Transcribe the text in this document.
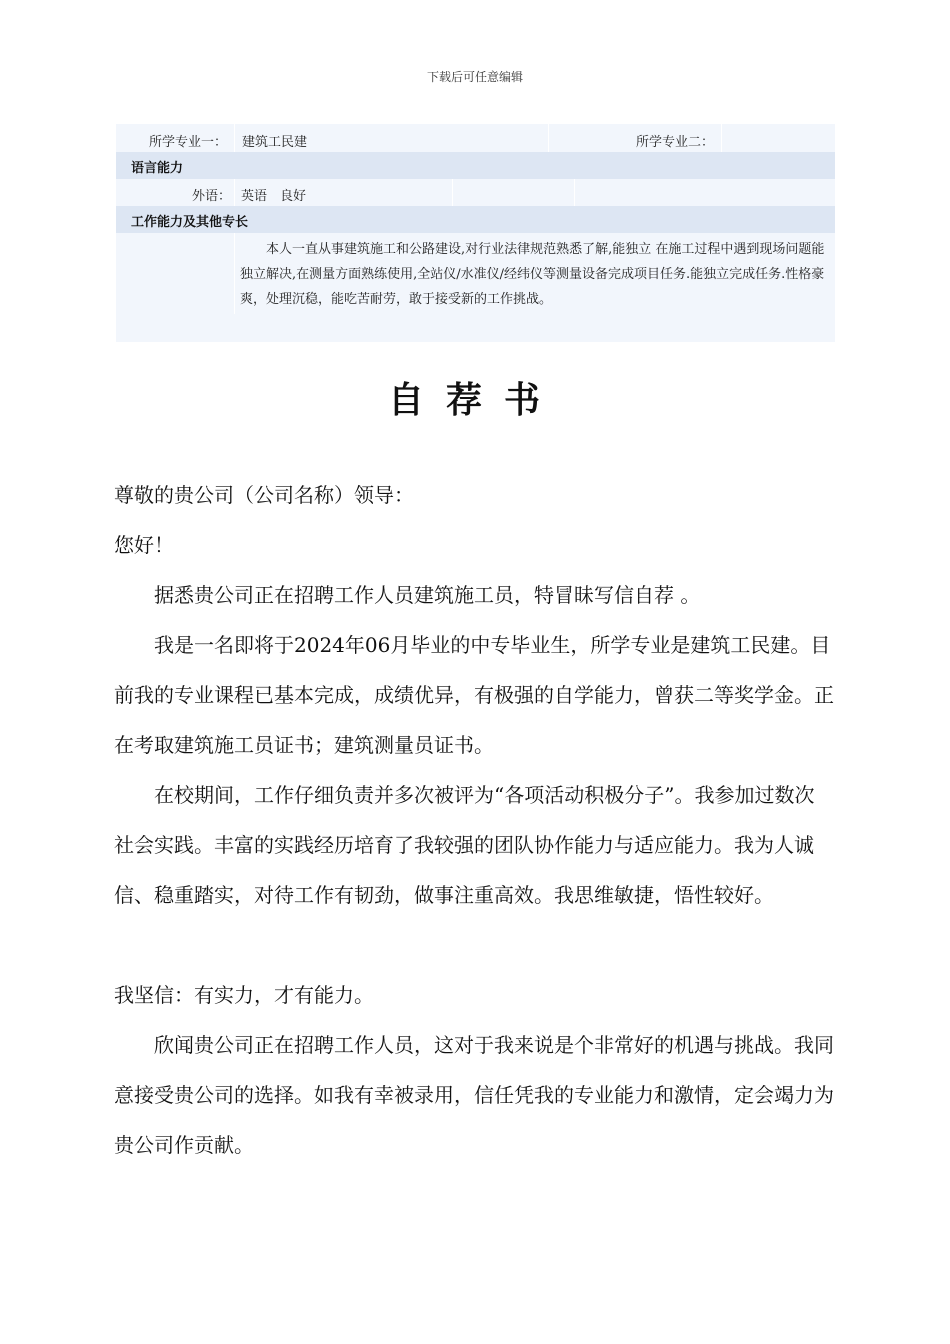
下载后可任意编辑
所学专业一： 建筑工民建	所学专业二：
语言能力
外语： 英语　良好
工作能力及其他专长
本人一直从事建筑施工和公路建设,对行业法律规范熟悉了解,能独立 在施工过程中遇到现场问题能独立解决,在测量方面熟练使用,全站仪/水准仪/经纬仪等测量设备完成项目任务.能独立完成任务.性格豪爽，处理沉稳，能吃苦耐劳，敢于接受新的工作挑战。
自荐书

尊敬的贵公司（公司名称）领导：

您好！

据悉贵公司正在招聘工作人员建筑施工员，特冒昧写信自荐 。

我是一名即将于2024年06月毕业的中专毕业生，所学专业是建筑工民建。目前我的专业课程已基本完成，成绩优异，有极强的自学能力，曾获二等奖学金。正在考取建筑施工员证书；建筑测量员证书。

在校期间，工作仔细负责并多次被评为“各项活动积极分子”。我参加过数次社会实践。丰富的实践经历培育了我较强的团队协作能力与适应能力。我为人诚信、稳重踏实，对待工作有韧劲，做事注重高效。我思维敏捷，悟性较好。

我坚信：有实力，才有能力。

欣闻贵公司正在招聘工作人员，这对于我来说是个非常好的机遇与挑战。我同意接受贵公司的选择。如我有幸被录用，信任凭我的专业能力和激情，定会竭力为贵公司作贡献。
